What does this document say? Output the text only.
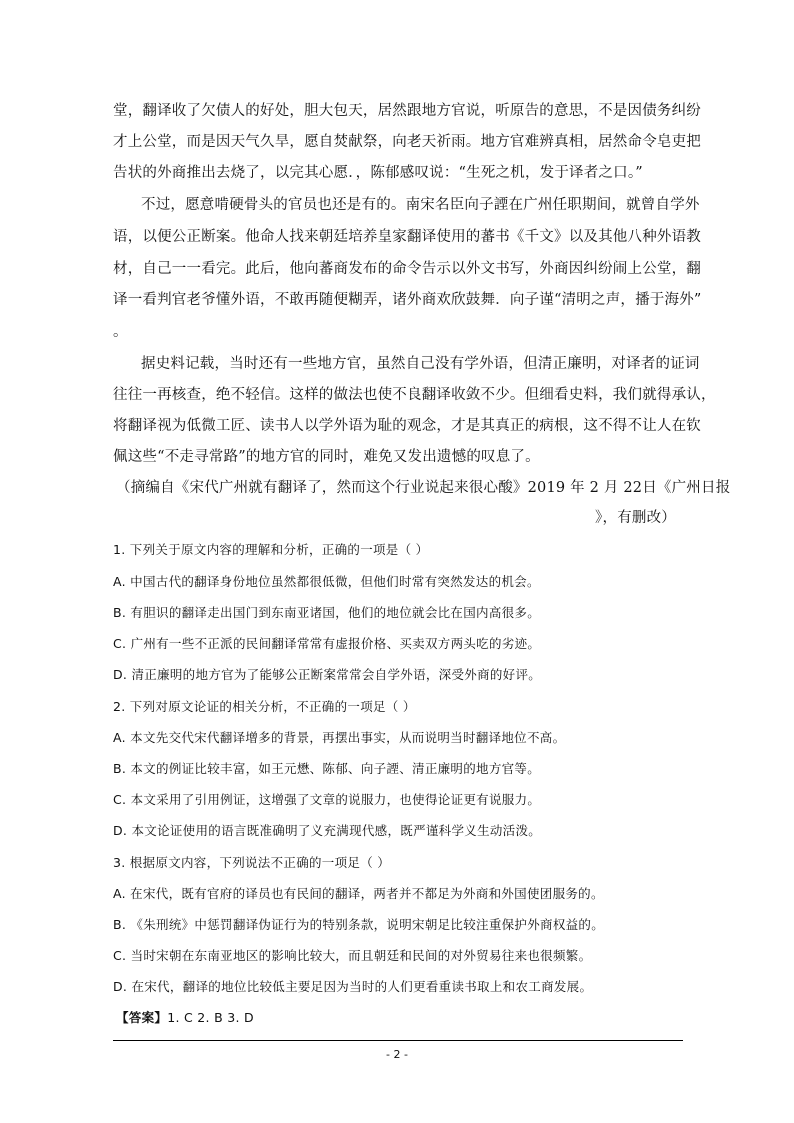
堂，翻译收了欠债人的好处，胆大包天，居然跟地方官说，听原告的意思，不是因债务纠纷
才上公堂，而是因天气久旱，愿自焚献祭，向老天祈雨。地方官难辨真相，居然命令皂吏把
告状的外商推出去烧了，以完其心愿．，陈郁感叹说：“生死之机，发于译者之口。”
不过，愿意啃硬骨头的官员也还是有的。南宋名臣向子諲在广州任职期间，就曾自学外
语，以便公正断案。他命人找来朝廷培养皇家翻译使用的蕃书《千文》以及其他八种外语教
材，自己一一看完。此后，他向蕃商发布的命令告示以外文书写，外商因纠纷闹上公堂，翻
译一看判官老爷懂外语，不敢再随便糊弄，诸外商欢欣鼓舞．向子谨“清明之声，播于海外”
。
据史料记载，当时还有一些地方官，虽然自己没有学外语，但清正廉明，对译者的证词
往往一再核查，绝不轻信。这样的做法也使不良翻译收敛不少。但细看史料，我们就得承认，
将翻译视为低微工匠、读书人以学外语为耻的观念，才是其真正的病根，这不得不让人在钦
佩这些“不走寻常路”的地方官的同时，难免又发出遗憾的叹息了。
（摘编自《宋代广州就有翻译了，然而这个行业说起来很心酸》2019 年 2 月 22日《广州日报
》，有删改）
1. 下列关于原文内容的理解和分析，正确的一项是（ ）
A. 中国古代的翻译身份地位虽然都很低微，但他们时常有突然发达的机会。
B. 有胆识的翻译走出国门到东南亚诸国，他们的地位就会比在国内高很多。
C. 广州有一些不正派的民间翻译常常有虚报价格、买卖双方两头吃的劣迹。
D. 清正廉明的地方官为了能够公正断案常常会自学外语，深受外商的好评。
2. 下列对原文论证的相关分析，不正确的一项足（ ）
A. 本文先交代宋代翻译增多的背景，再摆出事实，从而说明当时翻译地位不高。
B. 本文的例证比较丰富，如王元懋、陈郁、向子諲、清正廉明的地方官等。
C. 本文采用了引用例证，这增强了文章的说服力，也使得论证更有说服力。
D. 本文论证使用的语言既准确明了义充满现代感，既严谨科学义生动活泼。
3. 根据原文内容，下列说法不正确的一项足（ ）
A. 在宋代，既有官府的译员也有民间的翻译，两者并不都足为外商和外国使团服务的。
B. 《朱刑统》中惩罚翻译伪证行为的特别条款，说明宋朝足比较注重保护外商权益的。
C. 当时宋朝在东南亚地区的影响比较大，而且朝廷和民间的对外贸易往来也很频繁。
D. 在宋代，翻译的地位比较低主要足因为当时的人们更看重读书取上和农工商发展。
【答案】1. C 2. B 3. D
- 2 -
